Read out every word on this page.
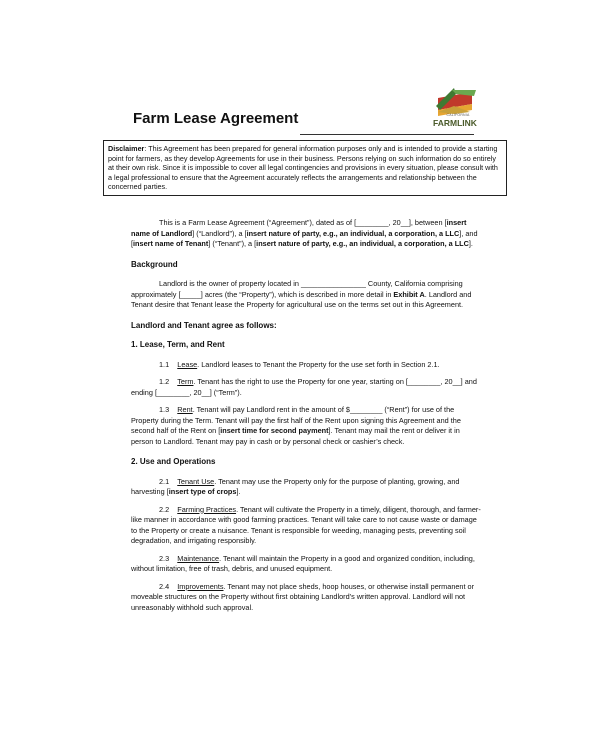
Farm Lease Agreement	CALIFORNIA
FARMLINK
Disclaimer: This Agreement has been prepared for general information purposes only and is intended to provide a starting point for farmers, as they develop Agreements for use in their business. Persons relying on such information do so entirely at their own risk. Since it is impossible to cover all legal contingencies and provisions in every situation, please consult with a legal professional to ensure that the Agreement accurately reflects the arrangements and relationship between the concerned parties.

This is a Farm Lease Agreement (“Agreement”), dated as of [________, 20__], between [insert name of Landlord] (“Landlord”), a [insert nature of party, e.g., an individual, a corporation, a LLC], and [insert name of Tenant] (“Tenant”), a [insert nature of party, e.g., an individual, a corporation, a LLC].

Background

Landlord is the owner of property located in ________________ County, California comprising approximately [_____] acres (the “Property”), which is described in more detail in Exhibit A. Landlord and Tenant desire that Tenant lease the Property for agricultural use on the terms set out in this Agreement.

Landlord and Tenant agree as follows:

1. Lease, Term, and Rent

1.1 Lease. Landlord leases to Tenant the Property for the use set forth in Section 2.1.

1.2 Term. Tenant has the right to use the Property for one year, starting on [________, 20__] and ending [________, 20__] (“Term”).

1.3 Rent. Tenant will pay Landlord rent in the amount of $________ (“Rent”) for use of the Property during the Term. Tenant will pay the first half of the Rent upon signing this Agreement and the second half of the Rent on [insert time for second payment]. Tenant may mail the rent or deliver it in person to Landlord. Tenant may pay in cash or by personal check or cashier’s check.

2. Use and Operations

2.1 Tenant Use. Tenant may use the Property only for the purpose of planting, growing, and harvesting [insert type of crops].

2.2 Farming Practices. Tenant will cultivate the Property in a timely, diligent, thorough, and farmer-like manner in accordance with good farming practices. Tenant will take care to not cause waste or damage to the Property or create a nuisance. Tenant is responsible for weeding, managing pests, preventing soil degradation, and irrigating responsibly.

2.3 Maintenance. Tenant will maintain the Property in a good and organized condition, including, without limitation, free of trash, debris, and unused equipment.

2.4 Improvements. Tenant may not place sheds, hoop houses, or otherwise install permanent or moveable structures on the Property without first obtaining Landlord’s written approval. Landlord will not unreasonably withhold such approval.
